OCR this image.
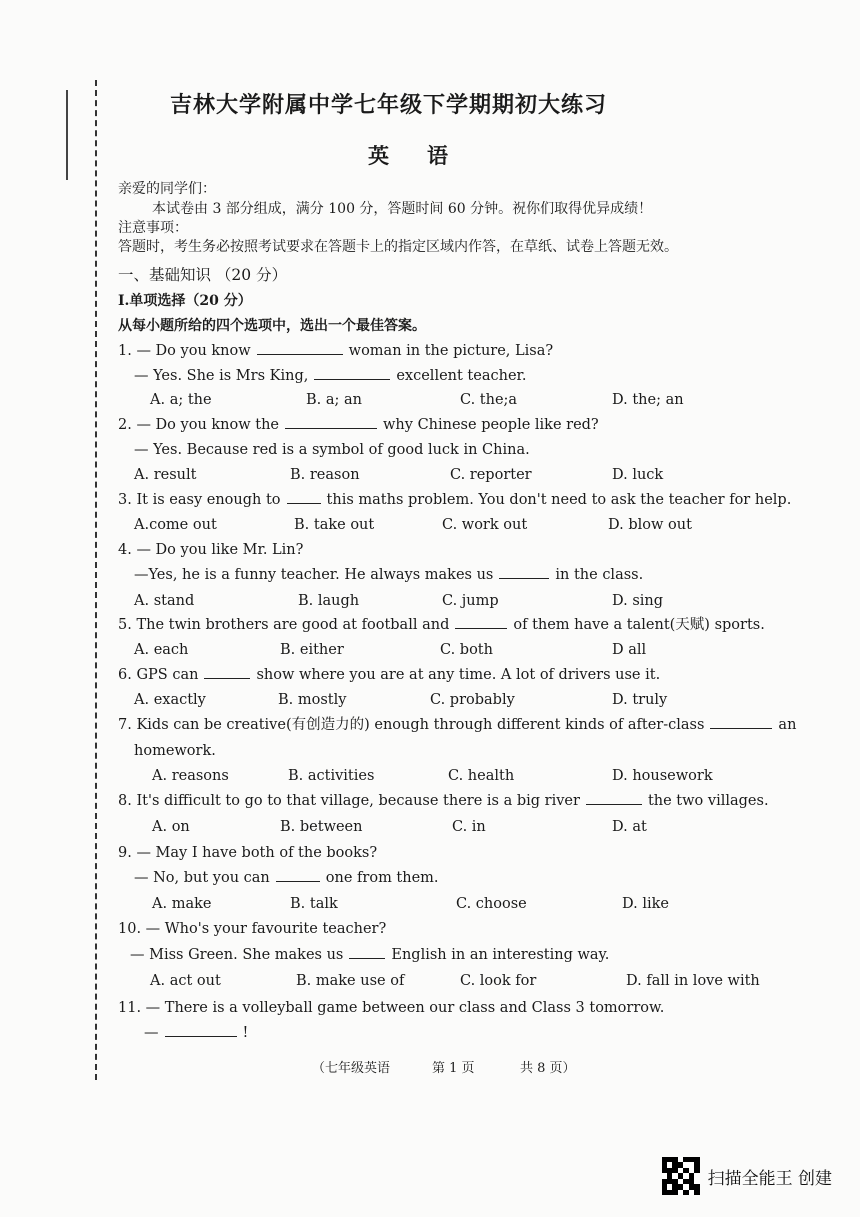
吉林大学附属中学七年级下学期期初大练习
英语
亲爱的同学们：
本试卷由 3 部分组成，满分 100 分，答题时间 60 分钟。祝你们取得优异成绩！
注意事项：
答题时，考生务必按照考试要求在答题卡上的指定区域内作答，在草纸、试卷上答题无效。
一、基础知识 （20 分）
I.单项选择（20 分）
从每小题所给的四个选项中，选出一个最佳答案。
1. — Do you know	woman in the picture, Lisa?
— Yes. She is Mrs King,	excellent teacher.
A. a; the	B. a; an	C. the;a	D. the; an
2. — Do you know the	why Chinese people like red?
— Yes. Because red is a symbol of good luck in China.
A. result	B. reason	C. reporter	D. luck
3. It is easy enough to	this maths problem. You don't need to ask the teacher for help.
A.come out	B. take out	C. work out	D. blow out
4. — Do you like Mr. Lin?
—Yes, he is a funny teacher. He always makes us	in the class.
A. stand	B. laugh	C. jump	D. sing
5. The twin brothers are good at football and	of them have a talent(天赋) sports.
A. each	B. either	C. both	D all
6. GPS can	show where you are at any time. A lot of drivers use it.
A. exactly	B. mostly	C. probably	D. truly
7. Kids can be creative(有创造力的) enough through different kinds of after-class	an
homework.
A. reasons	B. activities	C. health	D. housework
8. It's difficult to go to that village, because there is a big river	the two villages.
A. on	B. between	C. in	D. at
9. — May I have both of the books?
— No, but you can	one from them.
A. make	B. talk	C. choose	D. like
10. — Who's your favourite teacher?
— Miss Green. She makes us	English in an interesting way.
A. act out	B. make use of	C. look for	D. fall in love with
11. — There is a volleyball game between our class and Class 3 tomorrow.
—	!
（七年级英语	第 1 页	共 8 页）
扫描全能王 创建
